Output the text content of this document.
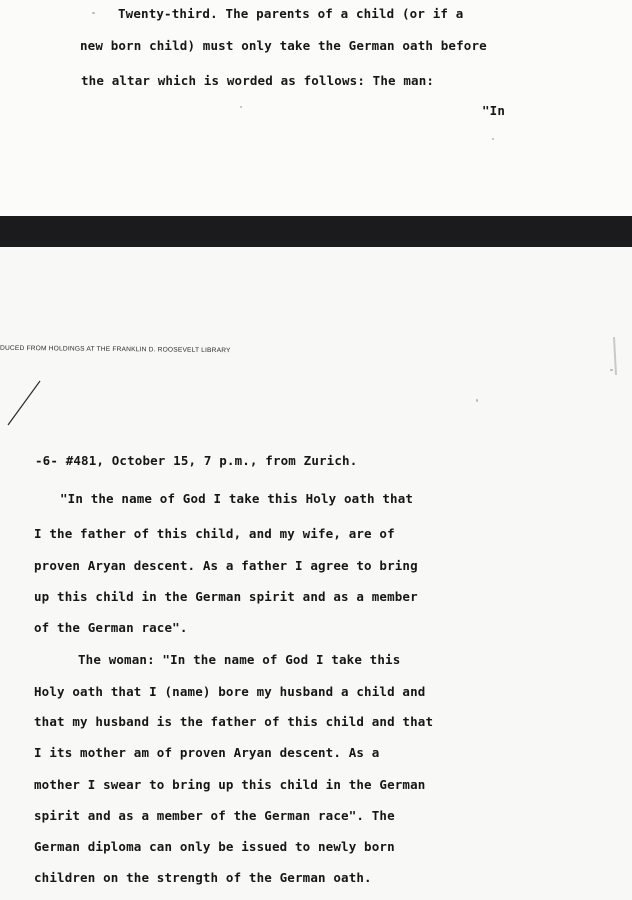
Twenty-third. The parents of a child (or if a

new born child) must only take the German oath before

the altar which is worded as follows: The man:

"In

DUCED FROM HOLDINGS AT THE FRANKLIN D. ROOSEVELT LIBRARY

-6- #481, October 15, 7 p.m., from Zurich.

"In the name of God I take this Holy oath that

I the father of this child, and my wife, are of

proven Aryan descent. As a father I agree to bring

up this child in the German spirit and as a member

of the German race".

The woman: "In the name of God I take this

Holy oath that I (name) bore my husband a child and

that my husband is the father of this child and that

I its mother am of proven Aryan descent. As a

mother I swear to bring up this child in the German

spirit and as a member of the German race". The

German diploma can only be issued to newly born

children on the strength of the German oath.
